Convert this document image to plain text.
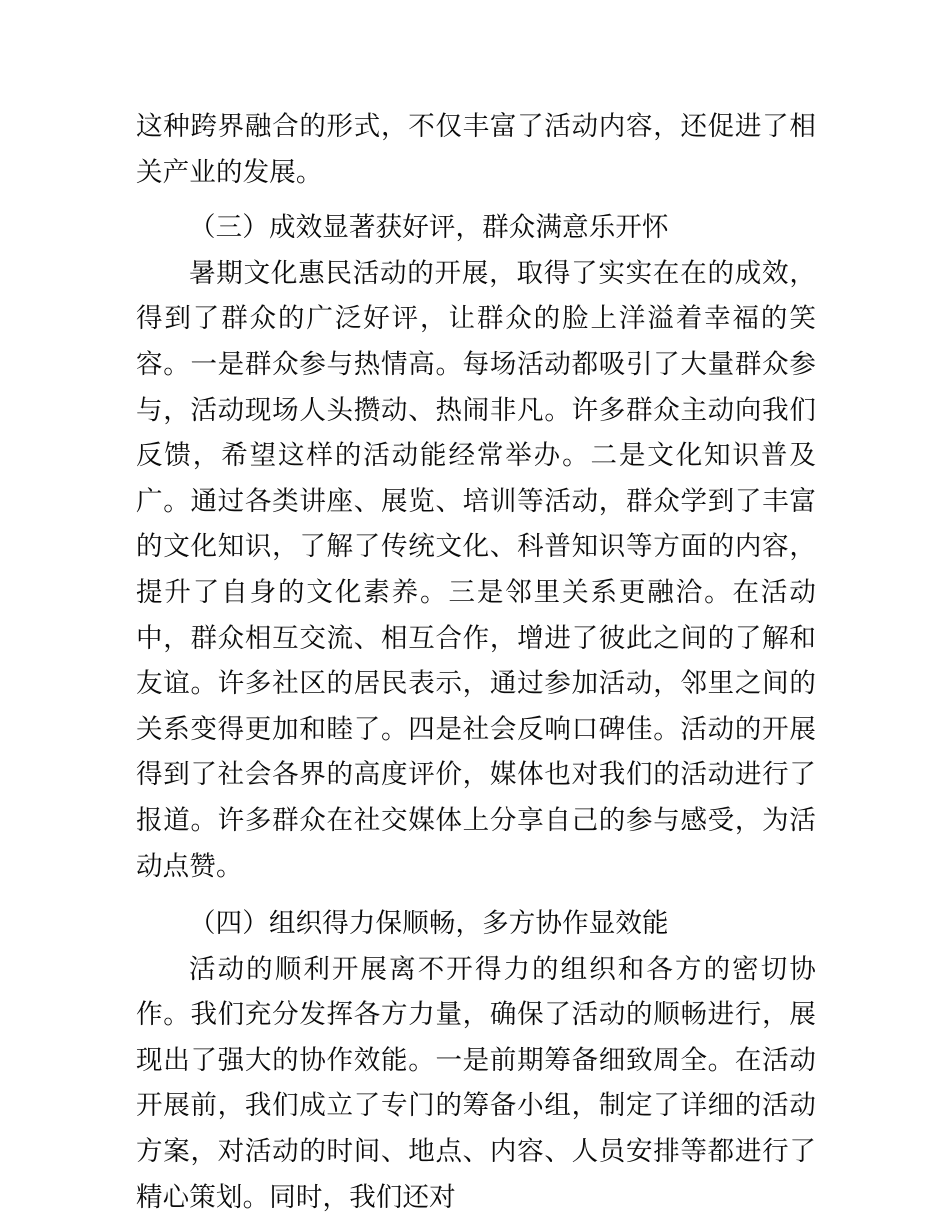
这种跨界融合的形式，不仅丰富了活动内容，还促进了相关产业的发展。

（三）成效显著获好评，群众满意乐开怀

暑期文化惠民活动的开展，取得了实实在在的成效，得到了群众的广泛好评，让群众的脸上洋溢着幸福的笑容。一是群众参与热情高。每场活动都吸引了大量群众参与，活动现场人头攒动、热闹非凡。许多群众主动向我们反馈，希望这样的活动能经常举办。二是文化知识普及广。通过各类讲座、展览、培训等活动，群众学到了丰富的文化知识，了解了传统文化、科普知识等方面的内容，提升了自身的文化素养。三是邻里关系更融洽。在活动中，群众相互交流、相互合作，增进了彼此之间的了解和友谊。许多社区的居民表示，通过参加活动，邻里之间的关系变得更加和睦了。四是社会反响口碑佳。活动的开展得到了社会各界的高度评价，媒体也对我们的活动进行了报道。许多群众在社交媒体上分享自己的参与感受，为活动点赞。

（四）组织得力保顺畅，多方协作显效能

活动的顺利开展离不开得力的组织和各方的密切协作。我们充分发挥各方力量，确保了活动的顺畅进行，展现出了强大的协作效能。一是前期筹备细致周全。在活动开展前，我们成立了专门的筹备小组，制定了详细的活动方案，对活动的时间、地点、内容、人员安排等都进行了精心策划。同时，我们还对
